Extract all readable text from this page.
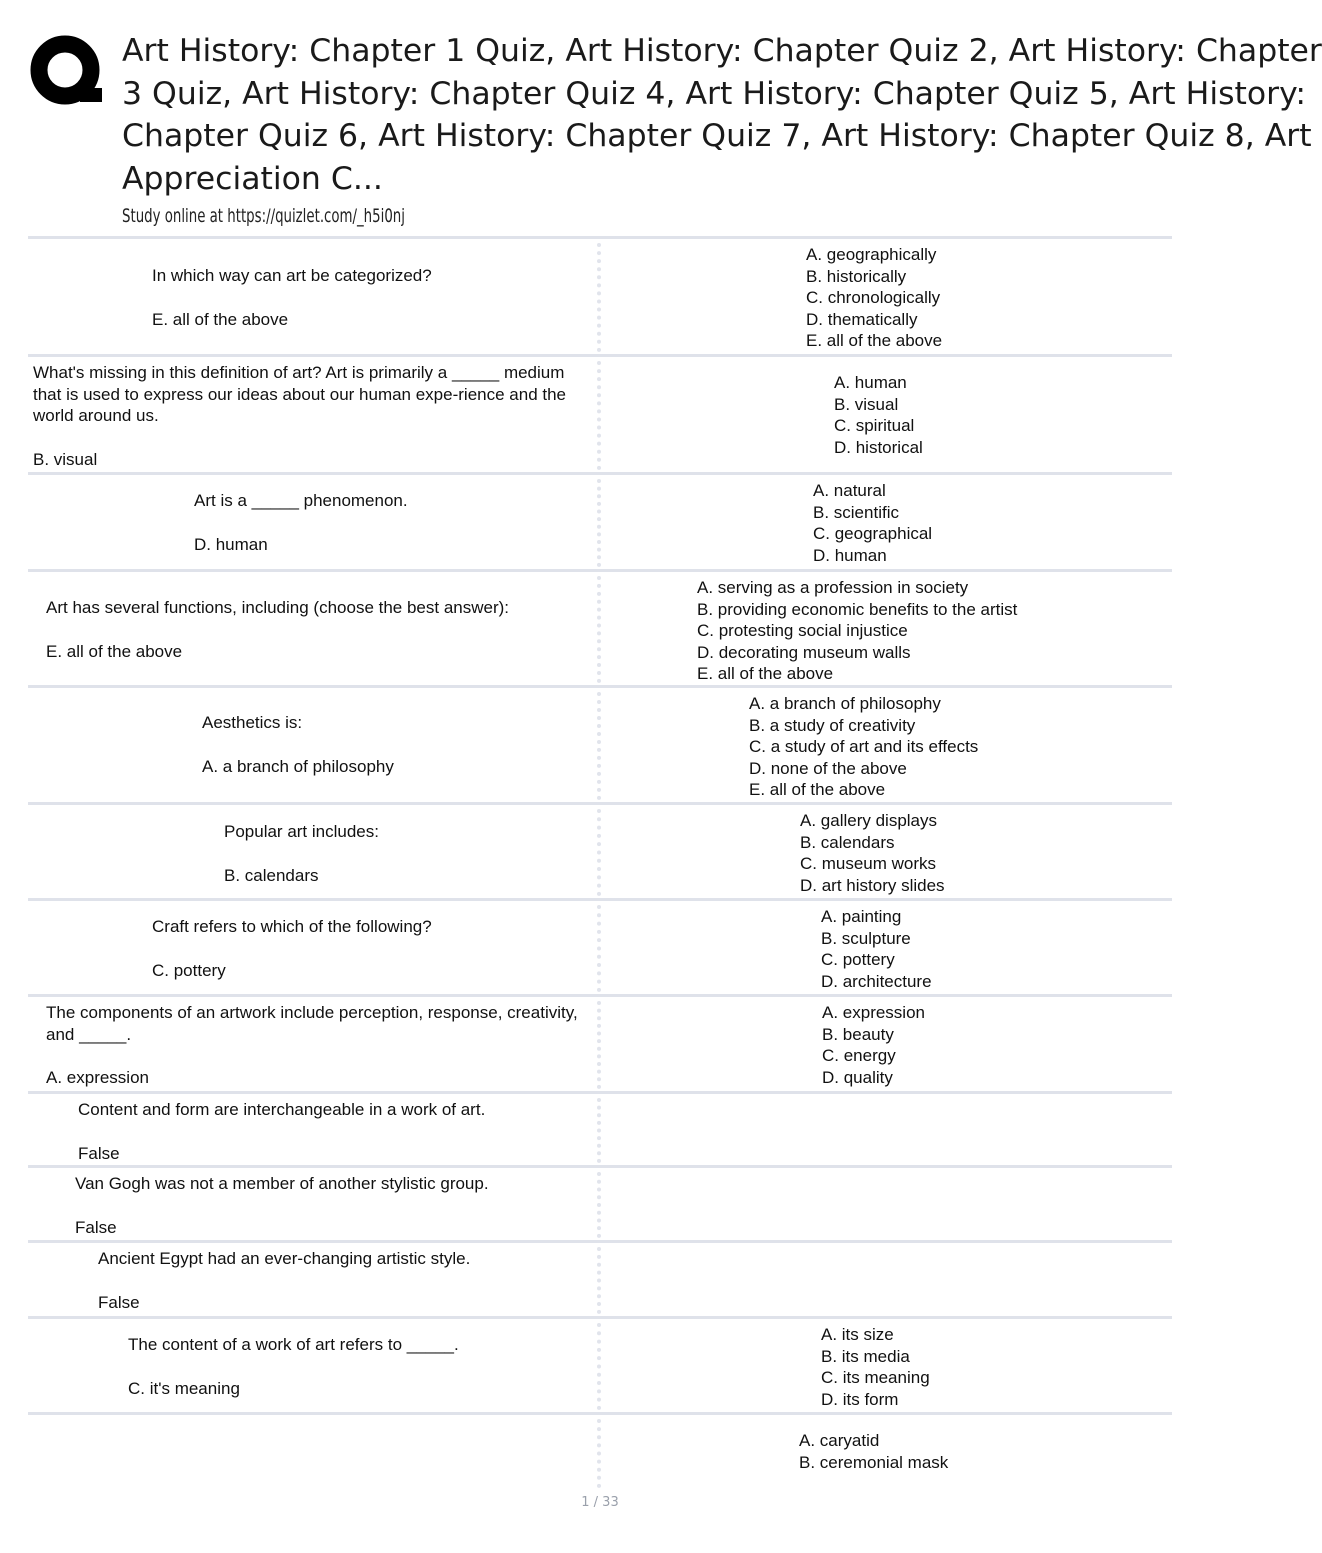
Art History: Chapter 1 Quiz, Art History: Chapter Quiz 2, Art History: Chapter 3 Quiz, Art History: Chapter Quiz 4, Art History: Chapter Quiz 5, Art History: Chapter Quiz 6, Art History: Chapter Quiz 7, Art History: Chapter Quiz 8, Art Appreciation C...
Study online at https://quizlet.com/_h5i0nj
In which way can art be categorized?
E. all of the above
A. geographically
B. historically
C. chronologically
D. thematically
E. all of the above
What's missing in this definition of art? Art is primarily a _____ medium that is used to express our ideas about our human expe-rience and the world around us.
B. visual
A. human
B. visual
C. spiritual
D. historical
Art is a _____ phenomenon.
D. human
A. natural
B. scientific
C. geographical
D. human
Art has several functions, including (choose the best answer):
E. all of the above
A. serving as a profession in society
B. providing economic benefits to the artist
C. protesting social injustice
D. decorating museum walls
E. all of the above
Aesthetics is:
A. a branch of philosophy
A. a branch of philosophy
B. a study of creativity
C. a study of art and its effects
D. none of the above
E. all of the above
Popular art includes:
B. calendars
A. gallery displays
B. calendars
C. museum works
D. art history slides
Craft refers to which of the following?
C. pottery
A. painting
B. sculpture
C. pottery
D. architecture
The components of an artwork include perception, response, creativity, and _____.
A. expression
A. expression
B. beauty
C. energy
D. quality
Content and form are interchangeable in a work of art.
False
Van Gogh was not a member of another stylistic group.
False
Ancient Egypt had an ever-changing artistic style.
False
The content of a work of art refers to _____.
C. it's meaning
A. its size
B. its media
C. its meaning
D. its form
A. caryatid
B. ceremonial mask
1 / 33
